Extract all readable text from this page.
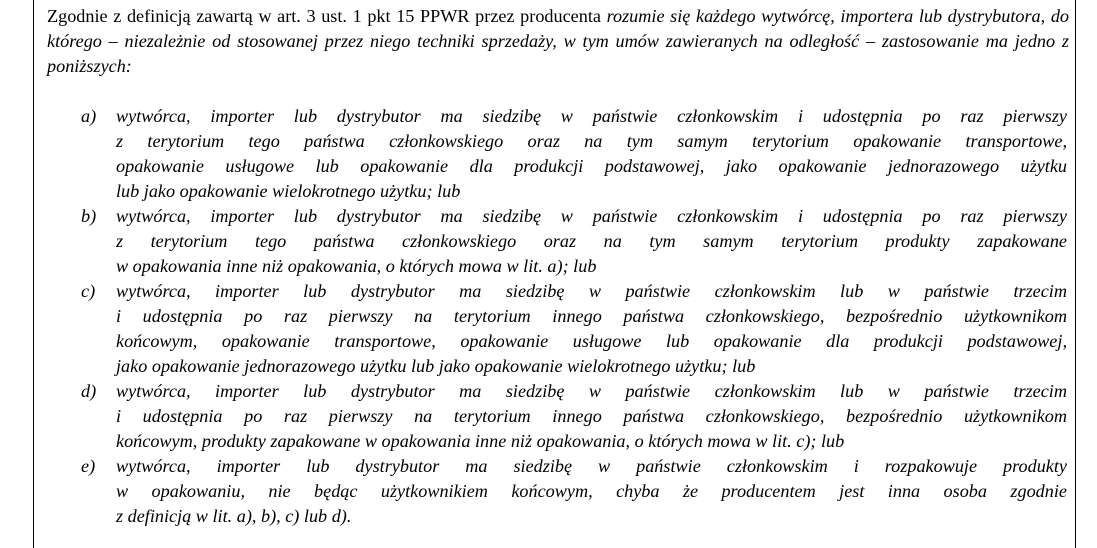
Zgodnie z definicją zawartą w art. 3 ust. 1 pkt 15 PPWR przez producenta rozumie się każdego wytwórcę, importera lub dystrybutora, do którego – niezależnie od stosowanej przez niego techniki sprzedaży, w tym umów zawieranych na odległość – zastosowanie ma jedno z poniższych:

a) wytwórca, importer lub dystrybutor ma siedzibę w państwie członkowskim i udostępnia po raz pierwszy
z terytorium tego państwa członkowskiego oraz na tym samym terytorium opakowanie transportowe,
opakowanie usługowe lub opakowanie dla produkcji podstawowej, jako opakowanie jednorazowego użytku
lub jako opakowanie wielokrotnego użytku; lub
b) wytwórca, importer lub dystrybutor ma siedzibę w państwie członkowskim i udostępnia po raz pierwszy
z terytorium tego państwa członkowskiego oraz na tym samym terytorium produkty zapakowane
w opakowania inne niż opakowania, o których mowa w lit. a); lub
c) wytwórca, importer lub dystrybutor ma siedzibę w państwie członkowskim lub w państwie trzecim
i udostępnia po raz pierwszy na terytorium innego państwa członkowskiego, bezpośrednio użytkownikom
końcowym, opakowanie transportowe, opakowanie usługowe lub opakowanie dla produkcji podstawowej,
jako opakowanie jednorazowego użytku lub jako opakowanie wielokrotnego użytku; lub
d) wytwórca, importer lub dystrybutor ma siedzibę w państwie członkowskim lub w państwie trzecim
i udostępnia po raz pierwszy na terytorium innego państwa członkowskiego, bezpośrednio użytkownikom
końcowym, produkty zapakowane w opakowania inne niż opakowania, o których mowa w lit. c); lub
e) wytwórca, importer lub dystrybutor ma siedzibę w państwie członkowskim i rozpakowuje produkty
w opakowaniu, nie będąc użytkownikiem końcowym, chyba że producentem jest inna osoba zgodnie
z definicją w lit. a), b), c) lub d).
